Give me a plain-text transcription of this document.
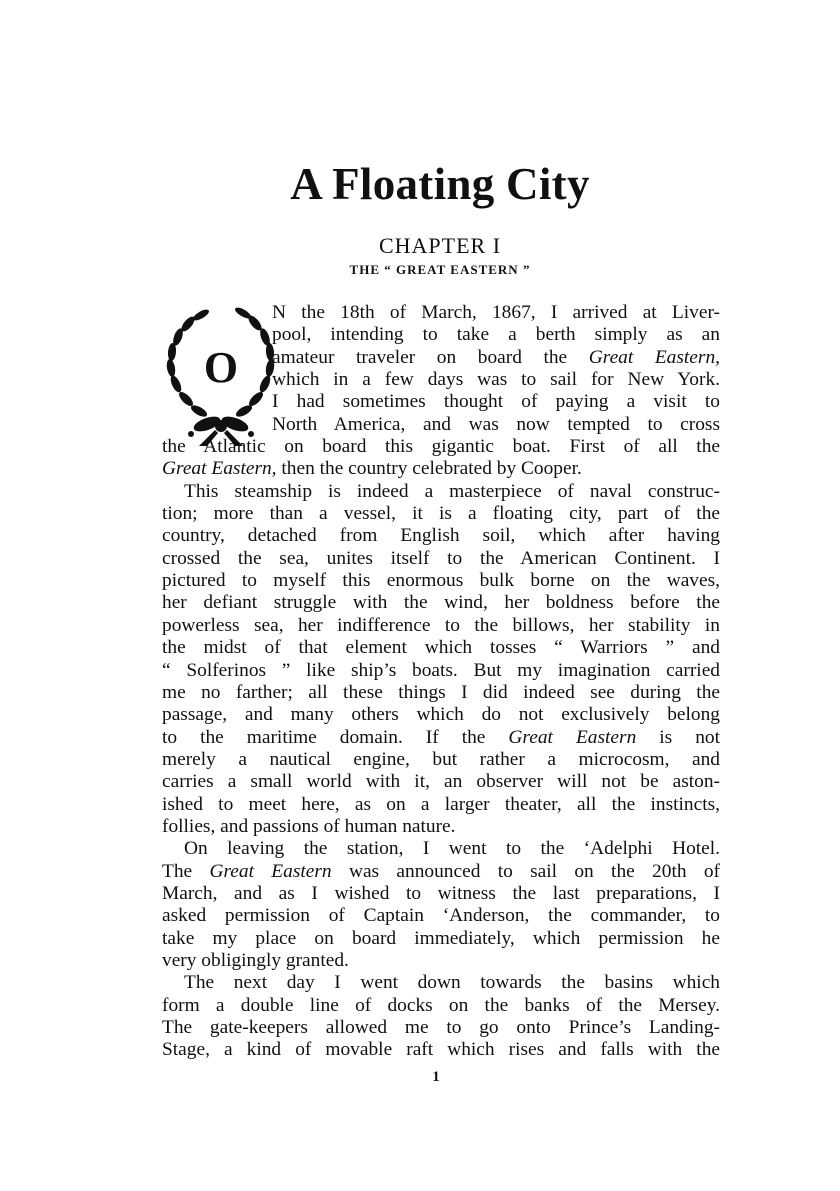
A Floating City
CHAPTER I
THE “ GREAT EASTERN ”
O
N the 18th of March, 1867, I arrived at Liver-
pool, intending to take a berth simply as an
amateur traveler on board the Great Eastern,
which in a few days was to sail for New York.
I had sometimes thought of paying a visit to
North America, and was now tempted to cross
the Atlantic on board this gigantic boat. First of all the
Great Eastern, then the country celebrated by Cooper.
This steamship is indeed a masterpiece of naval construc-
tion; more than a vessel, it is a floating city, part of the
country, detached from English soil, which after having
crossed the sea, unites itself to the American Continent. I
pictured to myself this enormous bulk borne on the waves,
her defiant struggle with the wind, her boldness before the
powerless sea, her indifference to the billows, her stability in
the midst of that element which tosses “ Warriors ” and
“ Solferinos ” like ship’s boats. But my imagination carried
me no farther; all these things I did indeed see during the
passage, and many others which do not exclusively belong
to the maritime domain. If the Great Eastern is not
merely a nautical engine, but rather a microcosm, and
carries a small world with it, an observer will not be aston-
ished to meet here, as on a larger theater, all the instincts,
follies, and passions of human nature.
On leaving the station, I went to the ʻAdelphi Hotel.
The Great Eastern was announced to sail on the 20th of
March, and as I wished to witness the last preparations, I
asked permission of Captain ʻAnderson, the commander, to
take my place on board immediately, which permission he
very obligingly granted.
The next day I went down towards the basins which
form a double line of docks on the banks of the Mersey.
The gate-keepers allowed me to go onto Prince’s Landing-
Stage, a kind of movable raft which rises and falls with the
1
